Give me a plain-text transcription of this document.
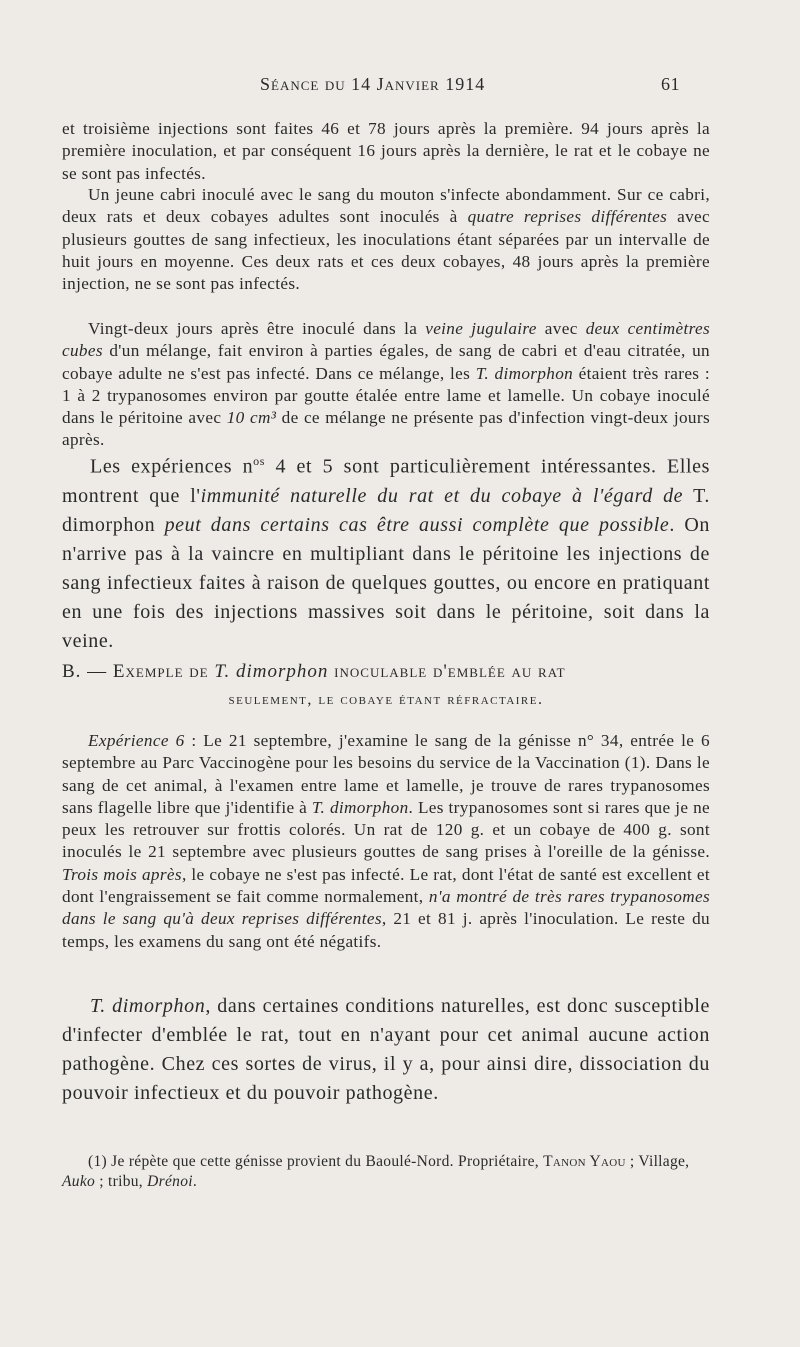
Séance du 14 Janvier 1914	61

et troisième injections sont faites 46 et 78 jours après la première. 94 jours après la première inoculation, et par conséquent 16 jours après la dernière, le rat et le cobaye ne se sont pas infectés.

Un jeune cabri inoculé avec le sang du mouton s'infecte abondamment. Sur ce cabri, deux rats et deux cobayes adultes sont inoculés à quatre reprises différentes avec plusieurs gouttes de sang infectieux, les inoculations étant séparées par un intervalle de huit jours en moyenne. Ces deux rats et ces deux cobayes, 48 jours après la première injection, ne se sont pas infectés.

Vingt-deux jours après être inoculé dans la veine jugulaire avec deux centimètres cubes d'un mélange, fait environ à parties égales, de sang de cabri et d'eau citratée, un cobaye adulte ne s'est pas infecté. Dans ce mélange, les T. dimorphon étaient très rares : 1 à 2 trypanosomes environ par goutte étalée entre lame et lamelle. Un cobaye inoculé dans le péritoine avec 10 cm³ de ce mélange ne présente pas d'infection vingt-deux jours après.

Les expériences $n^{os}$ 4 et 5 sont particulièrement intéressantes. Elles montrent que l'immunité naturelle du rat et du cobaye à l'égard de T. dimorphon peut dans certains cas être aussi complète que possible. On n'arrive pas à la vaincre en multipliant dans le péritoine les injections de sang infectieux faites à raison de quelques gouttes, ou encore en pratiquant en une fois des injections massives soit dans le péritoine, soit dans la veine.

B. — Exemple de T. dimorphon inoculable d'emblée au rat
seulement, le cobaye étant réfractaire.

Expérience 6 : Le 21 septembre, j'examine le sang de la génisse n° 34, entrée le 6 septembre au Parc Vaccinogène pour les besoins du service de la Vaccination (1). Dans le sang de cet animal, à l'examen entre lame et lamelle, je trouve de rares trypanosomes sans flagelle libre que j'identifie à T. dimorphon. Les trypanosomes sont si rares que je ne peux les retrouver sur frottis colorés. Un rat de 120 g. et un cobaye de 400 g. sont inoculés le 21 septembre avec plusieurs gouttes de sang prises à l'oreille de la génisse. Trois mois après, le cobaye ne s'est pas infecté. Le rat, dont l'état de santé est excellent et dont l'engraissement se fait comme normalement, n'a montré de très rares trypanosomes dans le sang qu'à deux reprises différentes, 21 et 81 j. après l'inoculation. Le reste du temps, les examens du sang ont été négatifs.

T. dimorphon, dans certaines conditions naturelles, est donc susceptible d'infecter d'emblée le rat, tout en n'ayant pour cet animal aucune action pathogène. Chez ces sortes de virus, il y a, pour ainsi dire, dissociation du pouvoir infectieux et du pouvoir pathogène.

(1) Je répète que cette génisse provient du Baoulé-Nord. Propriétaire, Tanon Yaou ; Village, Auko ; tribu, Drénoi.
